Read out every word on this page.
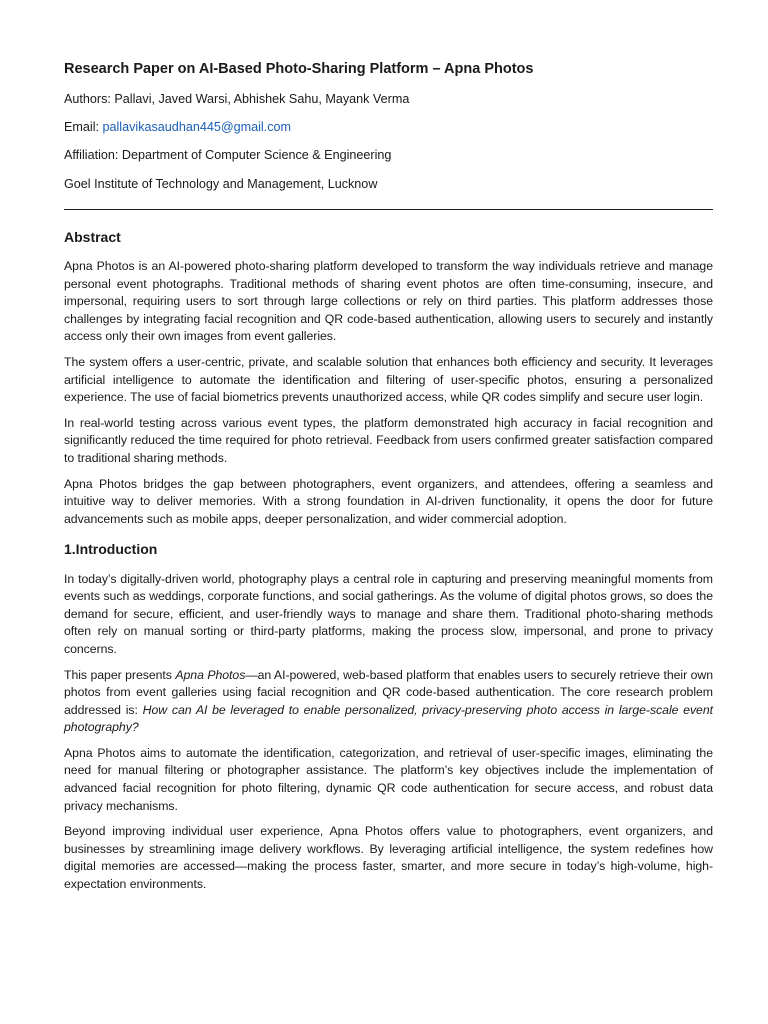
Research Paper on AI-Based Photo-Sharing Platform – Apna Photos
Authors: Pallavi, Javed Warsi, Abhishek Sahu, Mayank Verma
Email: pallavikasaudhan445@gmail.com
Affiliation: Department of Computer Science & Engineering
Goel Institute of Technology and Management, Lucknow
Abstract

Apna Photos is an AI-powered photo-sharing platform developed to transform the way individuals retrieve and manage personal event photographs. Traditional methods of sharing event photos are often time-consuming, insecure, and impersonal, requiring users to sort through large collections or rely on third parties. This platform addresses those challenges by integrating facial recognition and QR code-based authentication, allowing users to securely and instantly access only their own images from event galleries.

The system offers a user-centric, private, and scalable solution that enhances both efficiency and security. It leverages artificial intelligence to automate the identification and filtering of user-specific photos, ensuring a personalized experience. The use of facial biometrics prevents unauthorized access, while QR codes simplify and secure user login.

In real-world testing across various event types, the platform demonstrated high accuracy in facial recognition and significantly reduced the time required for photo retrieval. Feedback from users confirmed greater satisfaction compared to traditional sharing methods.

Apna Photos bridges the gap between photographers, event organizers, and attendees, offering a seamless and intuitive way to deliver memories. With a strong foundation in AI-driven functionality, it opens the door for future advancements such as mobile apps, deeper personalization, and wider commercial adoption.

1.Introduction

In today’s digitally-driven world, photography plays a central role in capturing and preserving meaningful moments from events such as weddings, corporate functions, and social gatherings. As the volume of digital photos grows, so does the demand for secure, efficient, and user-friendly ways to manage and share them. Traditional photo-sharing methods often rely on manual sorting or third-party platforms, making the process slow, impersonal, and prone to privacy concerns.

This paper presents Apna Photos—an AI-powered, web-based platform that enables users to securely retrieve their own photos from event galleries using facial recognition and QR code-based authentication. The core research problem addressed is: How can AI be leveraged to enable personalized, privacy-preserving photo access in large-scale event photography?

Apna Photos aims to automate the identification, categorization, and retrieval of user-specific images, eliminating the need for manual filtering or photographer assistance. The platform’s key objectives include the implementation of advanced facial recognition for photo filtering, dynamic QR code authentication for secure access, and robust data privacy mechanisms.

Beyond improving individual user experience, Apna Photos offers value to photographers, event organizers, and businesses by streamlining image delivery workflows. By leveraging artificial intelligence, the system redefines how digital memories are accessed—making the process faster, smarter, and more secure in today’s high-volume, high-expectation environments.
